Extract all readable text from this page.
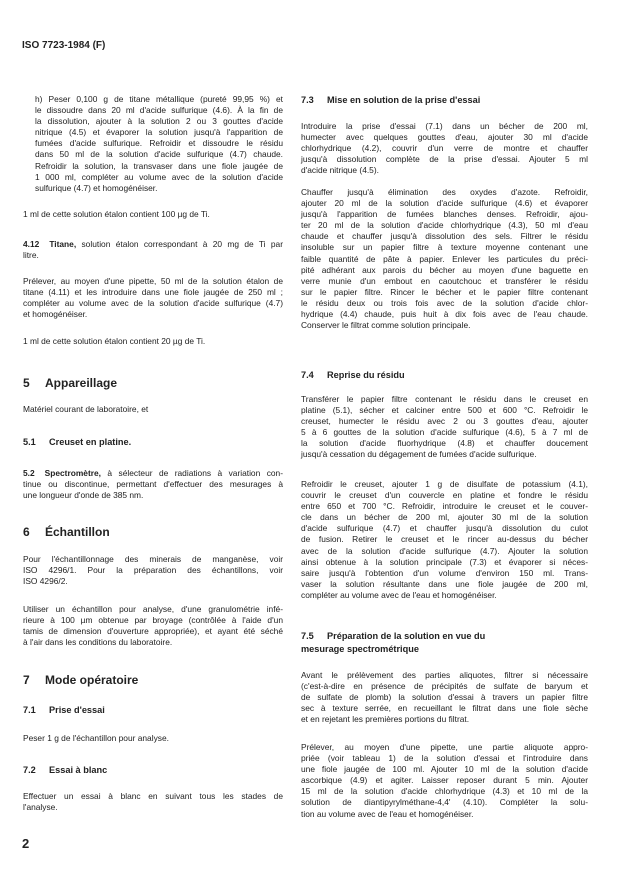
ISO 7723-1984 (F)
h) Peser 0,100 g de titane métallique (pureté 99,95 %) et
le dissoudre dans 20 ml d'acide sulfurique (4.6). À la fin de
la dissolution, ajouter à la solution 2 ou 3 gouttes d'acide
nitrique (4.5) et évaporer la solution jusqu'à l'apparition de
fumées d'acide sulfurique. Refroidir et dissoudre le résidu
dans 50 ml de la solution d'acide sulfurique (4.7) chaude.
Refroidir la solution, la transvaser dans une fiole jaugée de
1 000 ml, compléter au volume avec de la solution d'acide
sulfurique (4.7) et homogénéiser.
1 ml de cette solution étalon contient 100 µg de Ti.
4.12 Titane, solution étalon correspondant à 20 mg de Ti par
litre.
Prélever, au moyen d'une pipette, 50 ml de la solution étalon de
titane (4.11) et les introduire dans une fiole jaugée de 250 ml ;
compléter au volume avec de la solution d'acide sulfurique (4.7)
et homogénéiser.
1 ml de cette solution étalon contient 20 µg de Ti.
5 Appareillage
Matériel courant de laboratoire, et
5.1 Creuset en platine.
5.2 Spectromètre, à sélecteur de radiations à variation con-
tinue ou discontinue, permettant d'effectuer des mesurages à
une longueur d'onde de 385 nm.
6 Échantillon
Pour l'échantillonnage des minerais de manganèse, voir
ISO 4296/1. Pour la préparation des échantillons, voir
ISO 4296/2.
Utiliser un échantillon pour analyse, d'une granulométrie infé-
rieure à 100 µm obtenue par broyage (contrôlée à l'aide d'un
tamis de dimension d'ouverture appropriée), et ayant été séché
à l'air dans les conditions du laboratoire.
7 Mode opératoire
7.1 Prise d'essai
Peser 1 g de l'échantillon pour analyse.
7.2 Essai à blanc
Effectuer un essai à blanc en suivant tous les stades de
l'analyse.
2
7.3 Mise en solution de la prise d'essai
Introduire la prise d'essai (7.1) dans un bécher de 200 ml,
humecter avec quelques gouttes d'eau, ajouter 30 ml d'acide
chlorhydrique (4.2), couvrir d'un verre de montre et chauffer
jusqu'à dissolution complète de la prise d'essai. Ajouter 5 ml
d'acide nitrique (4.5).
Chauffer jusqu'à élimination des oxydes d'azote. Refroidir,
ajouter 20 ml de la solution d'acide sulfurique (4.6) et évaporer
jusqu'à l'apparition de fumées blanches denses. Refroidir, ajou-
ter 20 ml de la solution d'acide chlorhydrique (4.3), 50 ml d'eau
chaude et chauffer jusqu'à dissolution des sels. Filtrer le résidu
insoluble sur un papier filtre à texture moyenne contenant une
faible quantité de pâte à papier. Enlever les particules du préci-
pité adhérant aux parois du bécher au moyen d'une baguette en
verre munie d'un embout en caoutchouc et transférer le résidu
sur le papier filtre. Rincer le bécher et le papier filtre contenant
le résidu deux ou trois fois avec de la solution d'acide chlor-
hydrique (4.4) chaude, puis huit à dix fois avec de l'eau chaude.
Conserver le filtrat comme solution principale.
7.4 Reprise du résidu
Transférer le papier filtre contenant le résidu dans le creuset en
platine (5.1), sécher et calciner entre 500 et 600 °C. Refroidir le
creuset, humecter le résidu avec 2 ou 3 gouttes d'eau, ajouter
5 à 6 gouttes de la solution d'acide sulfurique (4.6), 5 à 7 ml de
la solution d'acide fluorhydrique (4.8) et chauffer doucement
jusqu'à cessation du dégagement de fumées d'acide sulfurique.
Refroidir le creuset, ajouter 1 g de disulfate de potassium (4.1),
couvrir le creuset d'un couvercle en platine et fondre le résidu
entre 650 et 700 °C. Refroidir, introduire le creuset et le couver-
cle dans un bécher de 200 ml, ajouter 30 ml de la solution
d'acide sulfurique (4.7) et chauffer jusqu'à dissolution du culot
de fusion. Retirer le creuset et le rincer au-dessus du bécher
avec de la solution d'acide sulfurique (4.7). Ajouter la solution
ainsi obtenue à la solution principale (7.3) et évaporer si néces-
saire jusqu'à l'obtention d'un volume d'environ 150 ml. Trans-
vaser la solution résultante dans une fiole jaugée de 200 ml,
compléter au volume avec de l'eau et homogénéiser.
7.5 Préparation de la solution en vue du
mesurage spectrométrique
Avant le prélèvement des parties aliquotes, filtrer si nécessaire
(c'est-à-dire en présence de précipités de sulfate de baryum et
de sulfate de plomb) la solution d'essai à travers un papier filtre
sec à texture serrée, en recueillant le filtrat dans une fiole sèche
et en rejetant les premières portions du filtrat.
Prélever, au moyen d'une pipette, une partie aliquote appro-
priée (voir tableau 1) de la solution d'essai et l'introduire dans
une fiole jaugée de 100 ml. Ajouter 10 ml de la solution d'acide
ascorbique (4.9) et agiter. Laisser reposer durant 5 min. Ajouter
15 ml de la solution d'acide chlorhydrique (4.3) et 10 ml de la
solution de diantipyrylméthane-4,4' (4.10). Compléter la solu-
tion au volume avec de l'eau et homogénéiser.
